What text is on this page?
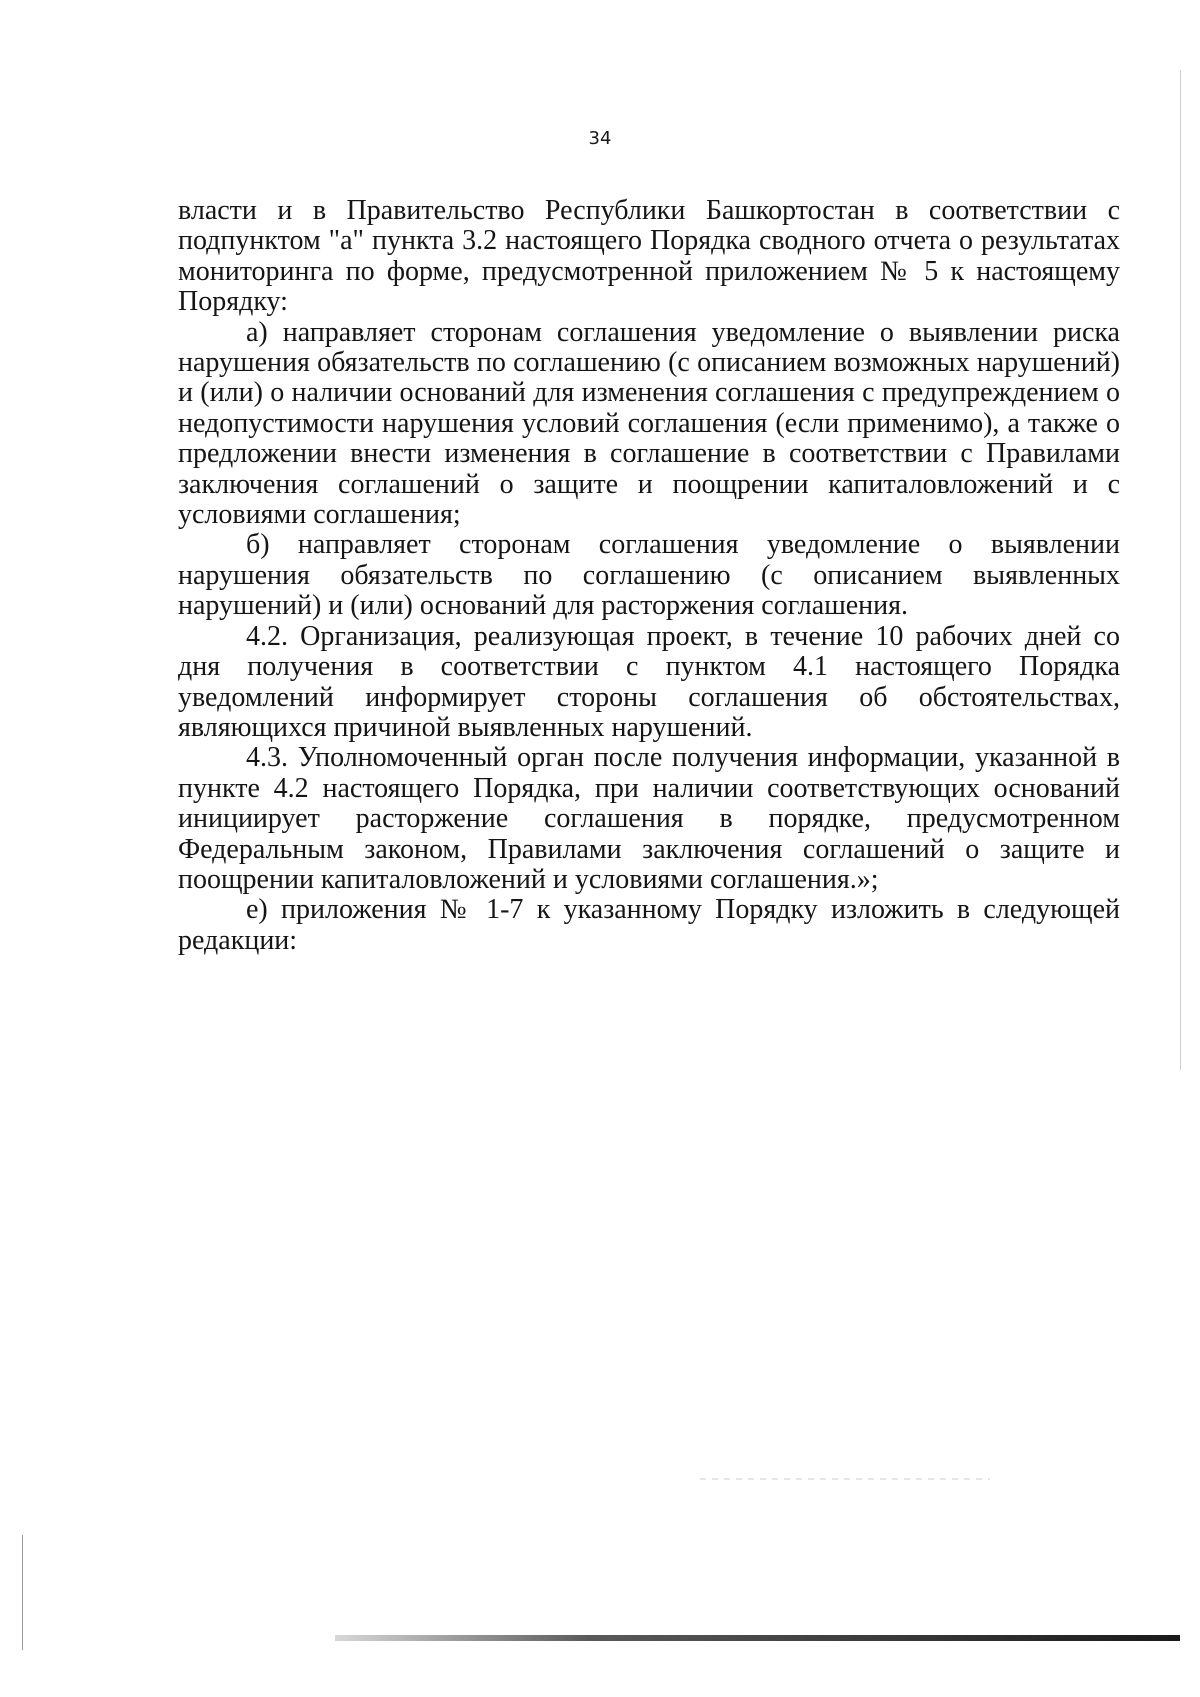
34

власти и в Правительство Республики Башкортостан в соответствии с подпунктом "а" пункта 3.2 настоящего Порядка сводного отчета о результатах мониторинга по форме, предусмотренной приложением № 5 к настоящему Порядку:

а) направляет сторонам соглашения уведомление о выявлении риска нарушения обязательств по соглашению (с описанием возможных нарушений) и (или) о наличии оснований для изменения соглашения с предупреждением о недопустимости нарушения условий соглашения (если применимо), а также о предложении внести изменения в соглашение в соответствии с Правилами заключения соглашений о защите и поощрении капиталовложений и с условиями соглашения;

б) направляет сторонам соглашения уведомление о выявлении нарушения обязательств по соглашению (с описанием выявленных нарушений) и (или) оснований для расторжения соглашения.

4.2. Организация, реализующая проект, в течение 10 рабочих дней со дня получения в соответствии с пунктом 4.1 настоящего Порядка уведомлений информирует стороны соглашения об обстоятельствах, являющихся причиной выявленных нарушений.

4.3. Уполномоченный орган после получения информации, указанной в пункте 4.2 настоящего Порядка, при наличии соответствующих оснований инициирует расторжение соглашения в порядке, предусмотренном Федеральным законом, Правилами заключения соглашений о защите и поощрении капиталовложений и условиями соглашения.»;

е) приложения № 1-7 к указанному Порядку изложить в следующей редакции:
